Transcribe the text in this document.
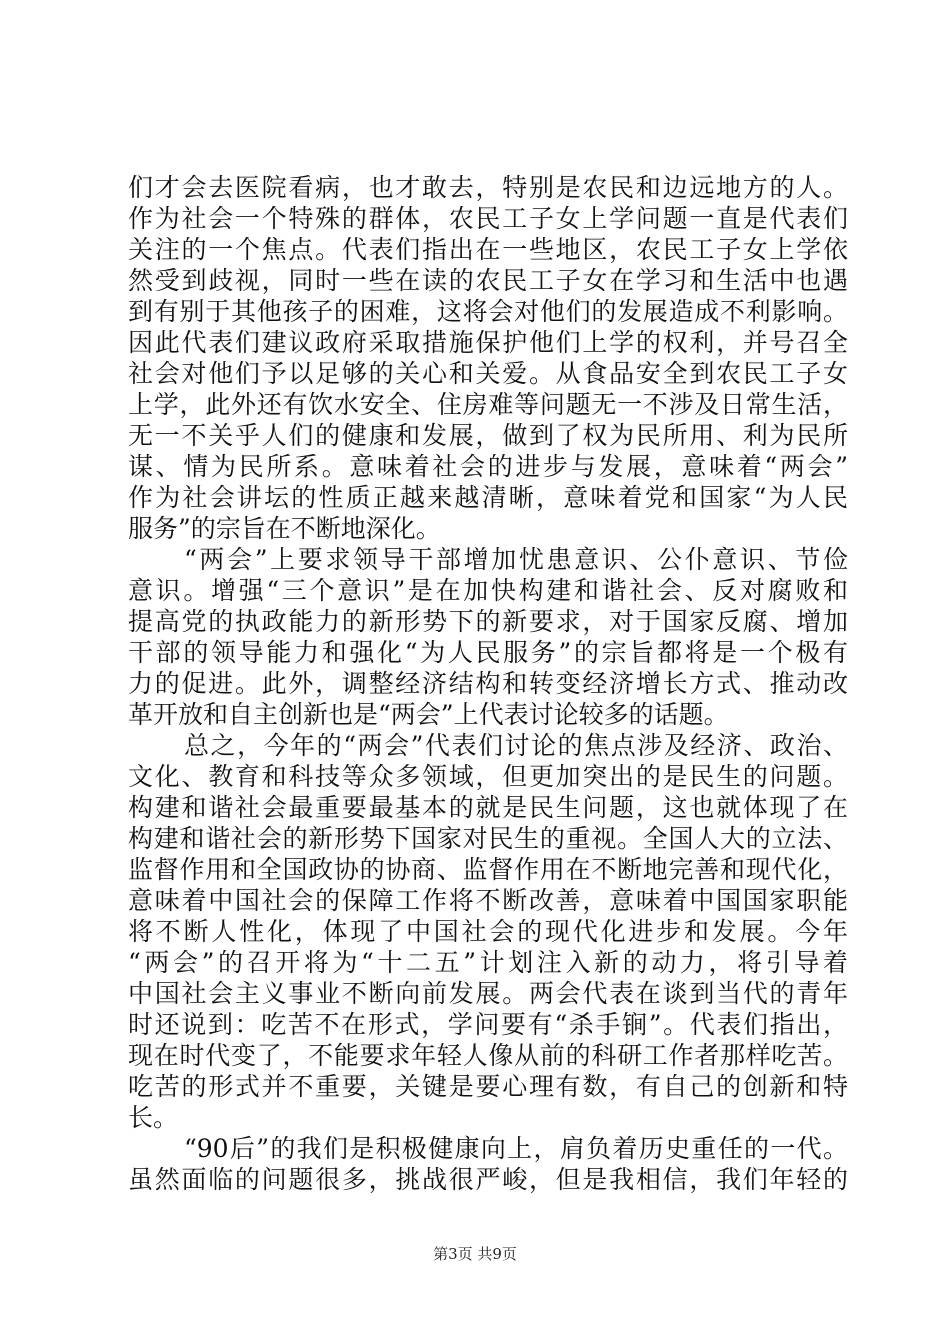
们才会去医院看病，也才敢去，特别是农民和边远地方的人。
作为社会一个特殊的群体，农民工子女上学问题一直是代表们
关注的一个焦点。代表们指出在一些地区，农民工子女上学依
然受到歧视，同时一些在读的农民工子女在学习和生活中也遇
到有别于其他孩子的困难，这将会对他们的发展造成不利影响。
因此代表们建议政府采取措施保护他们上学的权利，并号召全
社会对他们予以足够的关心和关爱。从食品安全到农民工子女
上学，此外还有饮水安全、住房难等问题无一不涉及日常生活，
无一不关乎人们的健康和发展，做到了权为民所用、利为民所
谋、情为民所系。意味着社会的进步与发展，意味着“两会”
作为社会讲坛的性质正越来越清晰，意味着党和国家“为人民
服务”的宗旨在不断地深化。
“两会”上要求领导干部增加忧患意识、公仆意识、节俭
意识。增强“三个意识”是在加快构建和谐社会、反对腐败和
提高党的执政能力的新形势下的新要求，对于国家反腐、增加
干部的领导能力和强化“为人民服务”的宗旨都将是一个极有
力的促进。此外，调整经济结构和转变经济增长方式、推动改
革开放和自主创新也是“两会”上代表讨论较多的话题。
总之，今年的“两会”代表们讨论的焦点涉及经济、政治、
文化、教育和科技等众多领域，但更加突出的是民生的问题。
构建和谐社会最重要最基本的就是民生问题，这也就体现了在
构建和谐社会的新形势下国家对民生的重视。全国人大的立法、
监督作用和全国政协的协商、监督作用在不断地完善和现代化，
意味着中国社会的保障工作将不断改善，意味着中国国家职能
将不断人性化，体现了中国社会的现代化进步和发展。今年
“两会”的召开将为“十二五”计划注入新的动力，将引导着
中国社会主义事业不断向前发展。两会代表在谈到当代的青年
时还说到：吃苦不在形式，学问要有“杀手锏”。代表们指出，
现在时代变了，不能要求年轻人像从前的科研工作者那样吃苦。
吃苦的形式并不重要，关键是要心理有数，有自己的创新和特
长。
“90后”的我们是积极健康向上，肩负着历史重任的一代。
虽然面临的问题很多，挑战很严峻，但是我相信，我们年轻的
第3页 共9页
